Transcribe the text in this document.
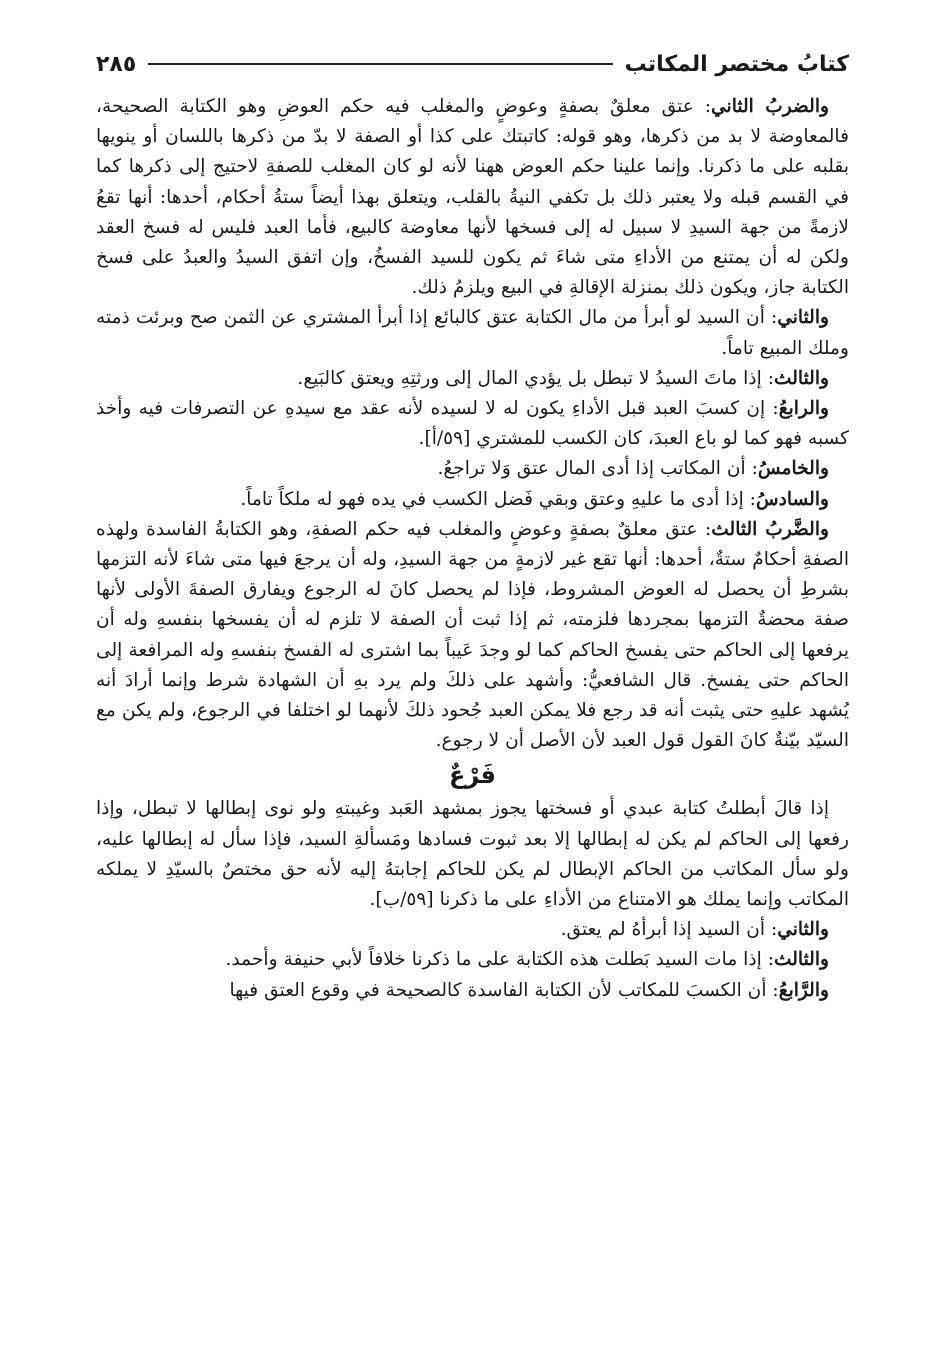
كتابُ مختصر المكاتب
٢٨٥

والضربُ الثاني: عتق معلقٌ بصفةٍ وعوضٍ والمغلب فيه حكم العوضِ وهو الكتابة الصحيحة، فالمعاوضة لا بد من ذكرها، وهو قوله: كاتبتك على كذا أو الصفة لا بدّ من ذكرها باللسان أو ينويها بقلبه على ما ذكرنا. وإنما علينا حكم العوض ههنا لأنه لو كان المغلب للصفةِ لاحتيج إلى ذكرها كما في القسم قبله ولا يعتبر ذلك بل تكفي النيةُ بالقلب، ويتعلق بهذا أيضاً ستةُ أحكام، أحدها: أنها تقعُ لازمةً من جهة السيدِ لا سبيل له إلى فسخها لأنها معاوضة كالبيع، فأما العبد فليس له فسخ العقد ولكن له أن يمتنع من الأداءِ متى شاءَ ثم يكون للسيد الفسخُ، وإن اتفق السيدُ والعبدُ على فسخ الكتابة جاز، ويكون ذلك بمنزلة الإقالةِ في البيع ويلزمُ ذلك.

والثاني: أن السيد لو أبرأ من مال الكتابة عتق كالبائع إذا أبرأ المشتري عن الثمن صح وبرئت ذمته وملك المبيع تاماً.

والثالث: إذا ماتَ السيدُ لا تبطل بل يؤدي المال إلى ورثتِهِ ويعتق كالبَيع.

والرابعُ: إن كسبَ العبد قبل الأداءِ يكون له لا لسيده لأنه عقد مع سيدهِ عن التصرفات فيه وأخذ كسبه فهو كما لو باع العبدَ، كان الكسب للمشتري [٥٩/أ].

والخامسُ: أن المكاتب إذا أدى المال عتق وَلا تراجعُ.

والسادسُ: إذا أدى ما عليهِ وعتق وبقي فَضل الكسب في يده فهو له ملكاً تاماً.

والضَّربُ الثالث: عتق معلقٌ بصفةٍ وعوضٍ والمغلب فيه حكم الصفةِ، وهو الكتابةُ الفاسدة ولهذه الصفةِ أحكامٌ ستةٌ، أحدها: أنها تقع غير لازمةٍ من جهة السيدِ، وله أن يرجعَ فيها متى شاءَ لأنه التزمها بشرطِ أن يحصل له العوض المشروط، فإذا لم يحصل كانَ له الرجوع ويفارق الصفةَ الأولى لأنها صفة محضةٌ التزمها بمجردها فلزمته، ثم إذا ثبت أن الصفة لا تلزم له أن يفسخها بنفسهِ وله أن يرفعها إلى الحاكم حتى يفسخ الحاكم كما لو وجدَ عَيباً بما اشترى له الفسخ بنفسهِ وله المرافعة إلى الحاكم حتى يفسخ. قال الشافعيُّ: وأشهد على ذلكَ ولم يرد بهِ أن الشهادة شرط وإنما أرادَ أنه يُشهد عليهِ حتى يثبت أنه قد رجع فلا يمكن العبد جُحود ذلكَ لأنهما لو اختلفا في الرجوع، ولم يكن مع السيّد بيّنةٌ كانَ القول قول العبد لأن الأصل أن لا رجوع.

فَرْعٌ

إذا قالَ أبطلتُ كتابة عبدي أو فسختها يجوز بمشهد العَبد وغيبتهِ ولو نوى إبطالها لا تبطل، وإذا رفعها إلى الحاكم لم يكن له إبطالها إلا بعد ثبوت فسادها ومَسألةِ السيد، فإذا سأل له إبطالها عليه، ولو سأل المكاتب من الحاكم الإبطال لم يكن للحاكم إجابتهُ إليه لأنه حق مختصٌ بالسيّدِ لا يملكه المكاتب وإنما يملك هو الامتناع من الأداءِ على ما ذكرنا [٥٩/ب].

والثاني: أن السيد إذا أبرأهُ لم يعتق.

والثالث: إذا مات السيد بَطلت هذه الكتابة على ما ذكرنا خلافاً لأبي حنيفة وأحمد.

والرَّابعُ: أن الكسبَ للمكاتب لأن الكتابة الفاسدة كالصحيحة في وقوع العتق فيها
